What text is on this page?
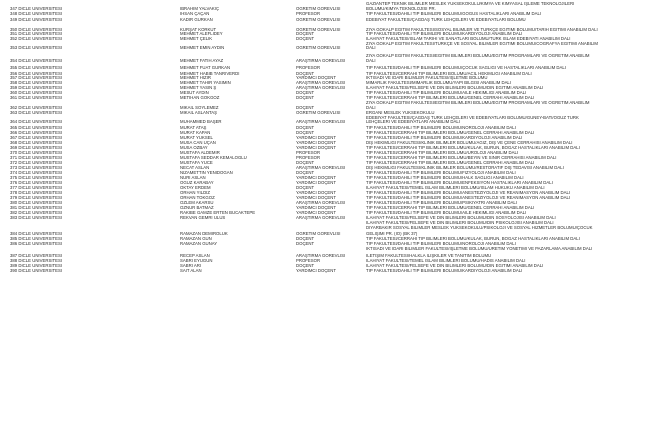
GAZİANTEP TEKNİK BİLİMLER MESLEK YÜKSEKOKULU/KİMYA VE KİMYASAL İŞLEME TEKNOLOJİLERİ
347 DİCLE ÜNİVERSİTESİ	İBRAHİM YALVAKIÇ	ÖĞRETİM GÖREVLİSİ	BÖLÜMÜ/KİMYA TEKNOLOJİSİ PR.
348 DİCLE ÜNİVERSİTESİ	İHSAN ÇAÇAN	PROFESÖR	TIP FAKÜLTESİ/DAHİLİ TIP BİLİMLERİ BÖLÜMÜ/GÖĞÜS HASTALIKLARI ANABİLİM DALI
349 DİCLE ÜNİVERSİTESİ	KADİR GÜRKAN	ÖĞRETİM GÖREVLİSİ	EDEBİYAT FAKÜLTESİ/ÇAĞDAŞ TÜRK LEHÇELERİ VE EDEBİYATLARI BÖLÜMÜ
350 DİCLE ÜNİVERSİTESİ	KÜRŞAT KORKUT	ÖĞRETİM GÖREVLİSİ	ZİYA GÖKALP EĞİTİM FAKÜLTESİ/SOSYAL BİLİMLER VE TÜRKÇE EĞİTİMİ BÖLÜMÜ/TARİH EĞİTİMİ ANABİLİM DALI
351 DİCLE ÜNİVERSİTESİ	MEHMET ALEFLİDEY	DOÇENT	TIP FAKÜLTESİ/DAHİLİ TIP BİLİMLERİ BÖLÜMÜ/KARDİYOLOJİ ANABİLİM DALI
352 DİCLE ÜNİVERSİTESİ	MEHMET ÇELİK	DOÇENT	İLAHİYAT FAKÜLTESİ/İSLAM TARİHİ VE SANATLARI BÖLÜMÜ/TÜRK İSLAM EDEBİYATI ANABİLİM DALI
ZİYA GÖKALP EĞİTİM FAKÜLTESİ/TÜRKÇE VE SOSYAL BİLİMLER EĞİTİMİ BÖLÜMÜ/COĞRAFYA EĞİTİMİ ANABİLİM
353 DİCLE ÜNİVERSİTESİ	MEHMET EMİN AYDIN	ÖĞRETİM GÖREVLİSİ	DALI
ZİYA GÖKALP EĞİTİM FAKÜLTESİ/EĞİTİM BİLİMLERİ BÖLÜMÜ/EĞİTİM PROGRAMLARI VE ÖĞRETİM ANABİLİM
354 DİCLE ÜNİVERSİTESİ	MEHMET FATİH AYAZ	ARAŞTIRMA GÖREVLİSİ	DALI
355 DİCLE ÜNİVERSİTESİ	MEHMET FUAT GÜRKAN	PROFESÖR	TIP FAKÜLTESİ/DAHİLİ TIP BİLİMLERİ BÖLÜMÜ/ÇOCUK SAĞLIĞI VE HASTALIKLARI ANABİLİM DALI
356 DİCLE ÜNİVERSİTESİ	MEHMET HABİB TANRIVERDİ	DOÇENT	TIP FAKÜLTESİ/CERRAHİ TIP BİLİMLERİ BÖLÜMÜ/ACİL HEKİMLİĞİ ANABİLİM DALI
357 DİCLE ÜNİVERSİTESİ	MEHMET HİZİR	YARDIMCI DOÇENT	İKTİSADİ VE İDARİ BİLİMLER FAKÜLTESİ/İŞLETME BÖLÜMÜ
358 DİCLE ÜNİVERSİTESİ	MEHMET TAHİR YASİMİN	ARAŞTIRMA GÖREVLİSİ	MİMARLIK FAKÜLTESİ/MİMARLIK BÖLÜMÜ/YAPI BİLGİSİ ANABİLİM DALI
359 DİCLE ÜNİVERSİTESİ	MEHMET YASİN Ş	ARAŞTIRMA GÖREVLİSİ	İLAHİYAT FAKÜLTESİ/FELSEFE VE DİN BİLİMLERİ BÖLÜMÜ/DİN EĞİTİMİ ANABİLİM DALI
360 DİCLE ÜNİVERSİTESİ	MESUT AYDIN	DOÇENT	TIP FAKÜLTESİ/DAHİLİ TIP BİLİMLERİ BÖLÜMÜ/AİLE HEKİMLİĞİ ANABİLİM DALI
361 DİCLE ÜNİVERSİTESİ	METİHAN GÖKGÖZ	DOÇENT	TIP FAKÜLTESİ/CERRAHİ TIP BİLİMLERİ BÖLÜMÜ/GENEL CERRAHİ ANABİLİM DALI
ZİYA GÖKALP EĞİTİM FAKÜLTESİ/EĞİTİM BİLİMLERİ BÖLÜMÜ/EĞİTİM PROGRAMLARI VE ÖĞRETİM ANABİLİM
362 DİCLE ÜNİVERSİTESİ	MİKAİL SÖYLEMEZ	DOÇENT	DALI
363 DİCLE ÜNİVERSİTESİ	MİKAİL ASLANTAŞ	ÖĞRETİM GÖREVLİSİ	ERGANİ MESLEK YÜKSEKOKULU
EDEBİYAT FAKÜLTESİ/ÇAĞDAŞ TÜRK LEHÇELERİ VE EDEBİYATLARI BÖLÜMÜ/GÜNEY-BATI/OĞUZ TÜRK
364 DİCLE ÜNİVERSİTESİ	MUHAMMED BAŞER	ARAŞTIRMA GÖREVLİSİ	LEHÇELERİ VE EDEBİYATLARI ANABİLİM DALI
365 DİCLE ÜNİVERSİTESİ	MURAT ATAŞ	DOÇENT	TIP FAKÜLTESİ/DAHİLİ TIP BİLİMLERİ BÖLÜMÜ/NÖROLOJİ ANABİLİM DALI
366 DİCLE ÜNİVERSİTESİ	MURAT KAPAN	DOÇENT	TIP FAKÜLTESİ/CERRAHİ TIP BİLİMLERİ BÖLÜMÜ/GENEL CERRAHİ ANABİLİM DALI
367 DİCLE ÜNİVERSİTESİ	MURAT YÜKSEL	YARDIMCI DOÇENT	TIP FAKÜLTESİ/DAHİLİ TIP BİLİMLERİ BÖLÜMÜ/KARDİYOLOJİ ANABİLİM DALI
368 DİCLE ÜNİVERSİTESİ	MUSA CAN UÇAN	YARDIMCI DOÇENT	DİŞ HEKİMLİĞİ FAKÜLTESİ/KLİNİK BİLİMLER BÖLÜMÜ/AĞIZ, DİŞ VE ÇENE CERRAHİSİ ANABİLİM DALI
369 DİCLE ÜNİVERSİTESİ	MUSA ÖZBAY	YARDIMCI DOÇENT	TIP FAKÜLTESİ/CERRAHİ TIP BİLİMLERİ BÖLÜMÜ/KULAK, BURUN, BOĞAZ HASTALIKLARI ANABİLİM DALI
370 DİCLE ÜNİVERSİTESİ	MUSTAFA ALDEMİR	PROFESÖR	TIP FAKÜLTESİ/CERRAHİ TIP BİLİMLERİ BÖLÜMÜ/ÜROLOJİ ANABİLİM DALI
371 DİCLE ÜNİVERSİTESİ	MUSTAFA SEDDAR KEMALOĞLU	PROFESÖR	TIP FAKÜLTESİ/CERRAHİ TIP BİLİMLERİ BÖLÜMÜ/BEYİN VE SİNİR CERRAHİSİ ANABİLİM DALI
372 DİCLE ÜNİVERSİTESİ	MUSTAFA YÜCE	DOÇENT	TIP FAKÜLTESİ/CERRAHİ TIP BİLİMLERİ BÖLÜMÜ/GENEL CERRAHİ ANABİLİM DALI
373 DİCLE ÜNİVERSİTESİ	NECAT ASLAN	ARAŞTIRMA GÖREVLİSİ	DİŞ HEKİMLİĞİ FAKÜLTESİ/KLİNİK BİLİMLER BÖLÜMÜ/RESTORATİF DİŞ TEDAVİSİ ANABİLİM DALI
374 DİCLE ÜNİVERSİTESİ	NİZAMETTİN YENİDOĞAN	DOÇENT	TIP FAKÜLTESİ/DAHİLİ TIP BİLİMLERİ BÖLÜMÜ/FİZYOLOJİ ANABİLİM DALI
375 DİCLE ÜNİVERSİTESİ	NURİ ASLAN	YARDIMCI DOÇENT	TIP FAKÜLTESİ/DAHİLİ TIP BİLİMLERİ BÖLÜMÜ/HALK SAĞLIĞI ANABİLİM DALI
376 DİCLE ÜNİVERSİTESİ	OĞUZ KARABAY	YARDIMCI DOÇENT	TIP FAKÜLTESİ/DAHİLİ TIP BİLİMLERİ BÖLÜMÜ/ENFEKSİYON HASTALIKLARI ANABİLİM DALI
377 DİCLE ÜNİVERSİTESİ	OKTAY ERDEM	DOÇENT	İLAHİYAT FAKÜLTESİ/TEMEL İSLAM BİLİMLERİ BÖLÜMÜ/İSLAM HUKUKU ANABİLİM DALI
378 DİCLE ÜNİVERSİTESİ	ORHAN YILDIZ	YARDIMCI DOÇENT	TIP FAKÜLTESİ/DAHİLİ TIP BİLİMLERİ BÖLÜMÜ/ANESTEZİYOLOJİ VE REANİMASYON ANABİLİM DALI
379 DİCLE ÜNİVERSİTESİ	ORHAN TOKGÖZ	YARDIMCI DOÇENT	TIP FAKÜLTESİ/DAHİLİ TIP BİLİMLERİ BÖLÜMÜ/ANESTEZİYOLOJİ VE REANİMASYON ANABİLİM DALI
380 DİCLE ÜNİVERSİTESİ	ÖZLEM AKARSU	ARAŞTIRMA GÖREVLİSİ	TIP FAKÜLTESİ/DAHİLİ TIP BİLİMLERİ BÖLÜMÜ/PSİKİYATRİ ANABİLİM DALI
381 DİCLE ÜNİVERSİTESİ	ÖZNUR BATMAZ	YARDIMCI DOÇENT	TIP FAKÜLTESİ/CERRAHİ TIP BİLİMLERİ BÖLÜMÜ/GENEL CERRAHİ ANABİLİM DALI
382 DİCLE ÜNİVERSİTESİ	RAKİBE GAMZE ERTEN BUCAKTEPE	YARDIMCI DOÇENT	TIP FAKÜLTESİ/DAHİLİ TIP BİLİMLERİ BÖLÜMÜ/AİLE HEKİMLİĞİ ANABİLİM DALI
383 DİCLE ÜNİVERSİTESİ	REKVAN GEMRİ ULUS	ARAŞTIRMA GÖREVLİSİ	İLAHİYAT FAKÜLTESİ/FELSEFE VE DİN BİLİMLERİ BÖLÜMÜ/DİN SOSYOLOJİSİ ANABİLİM DALI
İLAHİYAT FAKÜLTESİ/FELSEFE VE DİN BİLİMLERİ BÖLÜMÜ/DİN PSİKOLOJİSİ ANABİLİM DALI
DİYARBAKIR SOSYAL BİLİMLER MESLEK YÜKSEKOKULU/PSİKOLOJİ VE SOSYAL HİZMETLER BÖLÜMÜ/ÇOCUK
384 DİCLE ÜNİVERSİTESİ	RAMAZAN DEMİROLUK	ÖĞRETİM GÖREVLİSİ	GELİŞİMİ PR. (İÖ) (BK 37)
385 DİCLE ÜNİVERSİTESİ	RAMAZAN GÜN	DOÇENT	TIP FAKÜLTESİ/CERRAHİ TIP BİLİMLERİ BÖLÜMÜ/KULAK, BURUN, BOĞAZ HASTALIKLARI ANABİLİM DALI
386 DİCLE ÜNİVERSİTESİ	RAMAZAN GÜNAY	DOÇENT	TIP FAKÜLTESİ/DAHİLİ TIP BİLİMLERİ BÖLÜMÜ/NÖROLOJİ ANABİLİM DALI
İKTİSADİ VE İDARİ BİLİMLER FAKÜLTESİ/İŞLETME BÖLÜMÜ/ÜRETİM YÖNETİMİ VE PAZARLAMA ANABİLİM DALI
387 DİCLE ÜNİVERSİTESİ	RECEP ASLAN	ARAŞTIRMA GÖREVLİSİ	İLETİŞİM FAKÜLTESİ/HALKLA İLİŞKİLER VE TANITIM BÖLÜMÜ
388 DİCLE ÜNİVERSİTESİ	SABRİ EYÜGÜN	PROFESÖR	İLAHİYAT FAKÜLTESİ/TEMEL İSLAM BİLİMLERİ BÖLÜMÜ/HADİS ANABİLİM DALI
389 DİCLE ÜNİVERSİTESİ	SABRİ ARI	DOÇENT	İLAHİYAT FAKÜLTESİ/FELSEFE VE DİN BİLİMLERİ BÖLÜMÜ/DİN EĞİTİMİ ANABİLİM DALI
390 DİCLE ÜNİVERSİTESİ	SAİT ALAN	YARDIMCI DOÇENT	TIP FAKÜLTESİ/DAHİLİ TIP BİLİMLERİ BÖLÜMÜ/KARDİYOLOJİ ANABİLİM DALI
